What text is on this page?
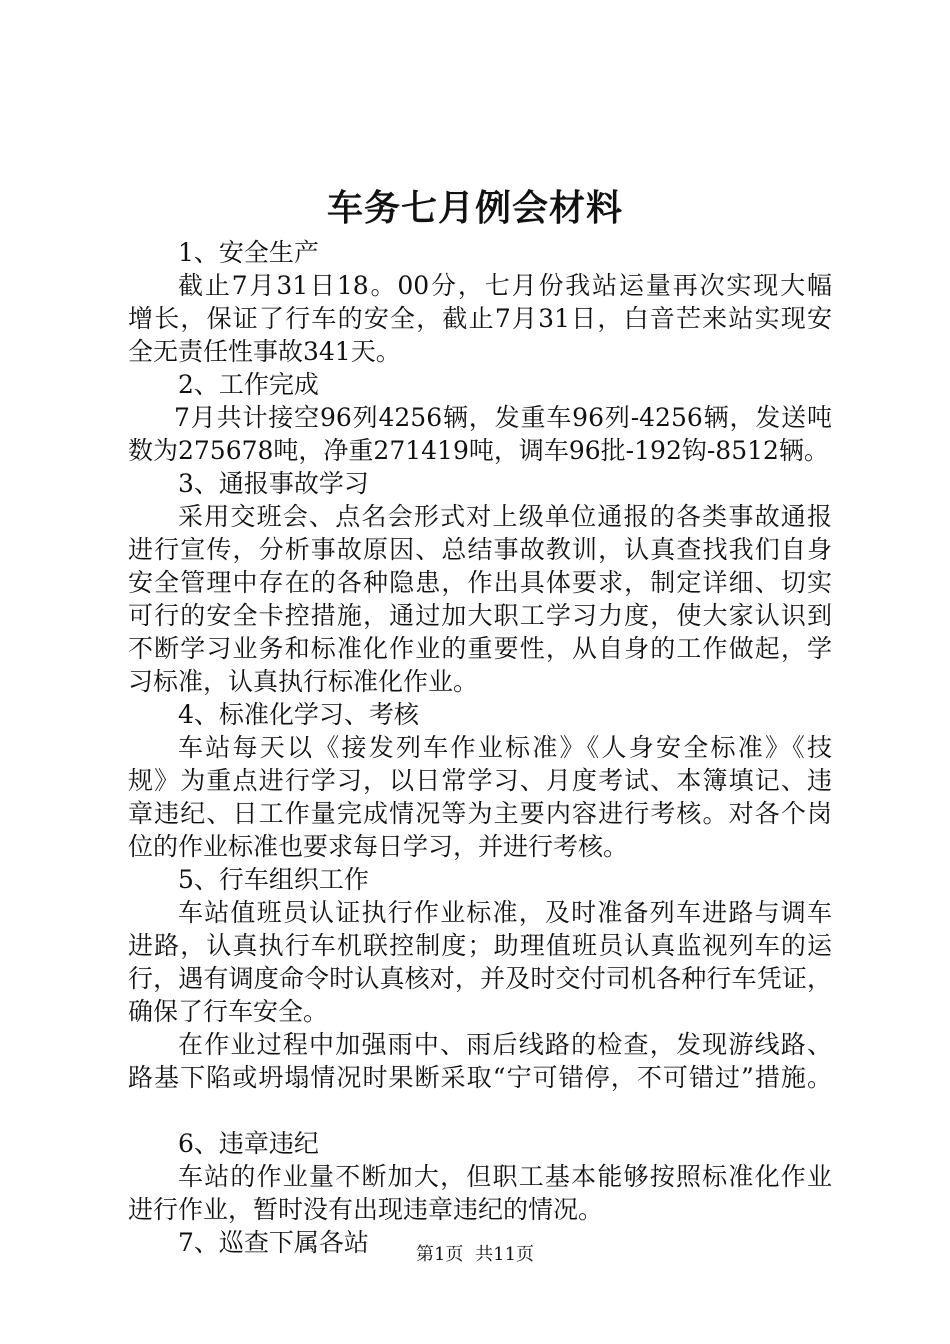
车务七月例会材料
1、安全生产
截止7月31日18。00分，七月份我站运量再次实现大幅
增长，保证了行车的安全，截止7月31日，白音芒来站实现安
全无责任性事故341天。
2、工作完成
7月共计接空96列4256辆，发重车96列-4256辆，发送吨
数为275678吨，净重271419吨，调车96批-192钩-8512辆。
3、通报事故学习
采用交班会、点名会形式对上级单位通报的各类事故通报
进行宣传，分析事故原因、总结事故教训，认真查找我们自身
安全管理中存在的各种隐患，作出具体要求，制定详细、切实
可行的安全卡控措施，通过加大职工学习力度，使大家认识到
不断学习业务和标准化作业的重要性，从自身的工作做起，学
习标准，认真执行标准化作业。
4、标准化学习、考核
车站每天以《接发列车作业标准》《人身安全标准》《技
规》为重点进行学习，以日常学习、月度考试、本簿填记、违
章违纪、日工作量完成情况等为主要内容进行考核。对各个岗
位的作业标准也要求每日学习，并进行考核。
5、行车组织工作
车站值班员认证执行作业标准，及时准备列车进路与调车
进路，认真执行车机联控制度；助理值班员认真监视列车的运
行，遇有调度命令时认真核对，并及时交付司机各种行车凭证，
确保了行车安全。
在作业过程中加强雨中、雨后线路的检查，发现游线路、
路基下陷或坍塌情况时果断采取“宁可错停，不可错过”措施。
6、违章违纪
车站的作业量不断加大，但职工基本能够按照标准化作业
进行作业，暂时没有出现违章违纪的情况。
7、巡查下属各站	第1页 共11页
